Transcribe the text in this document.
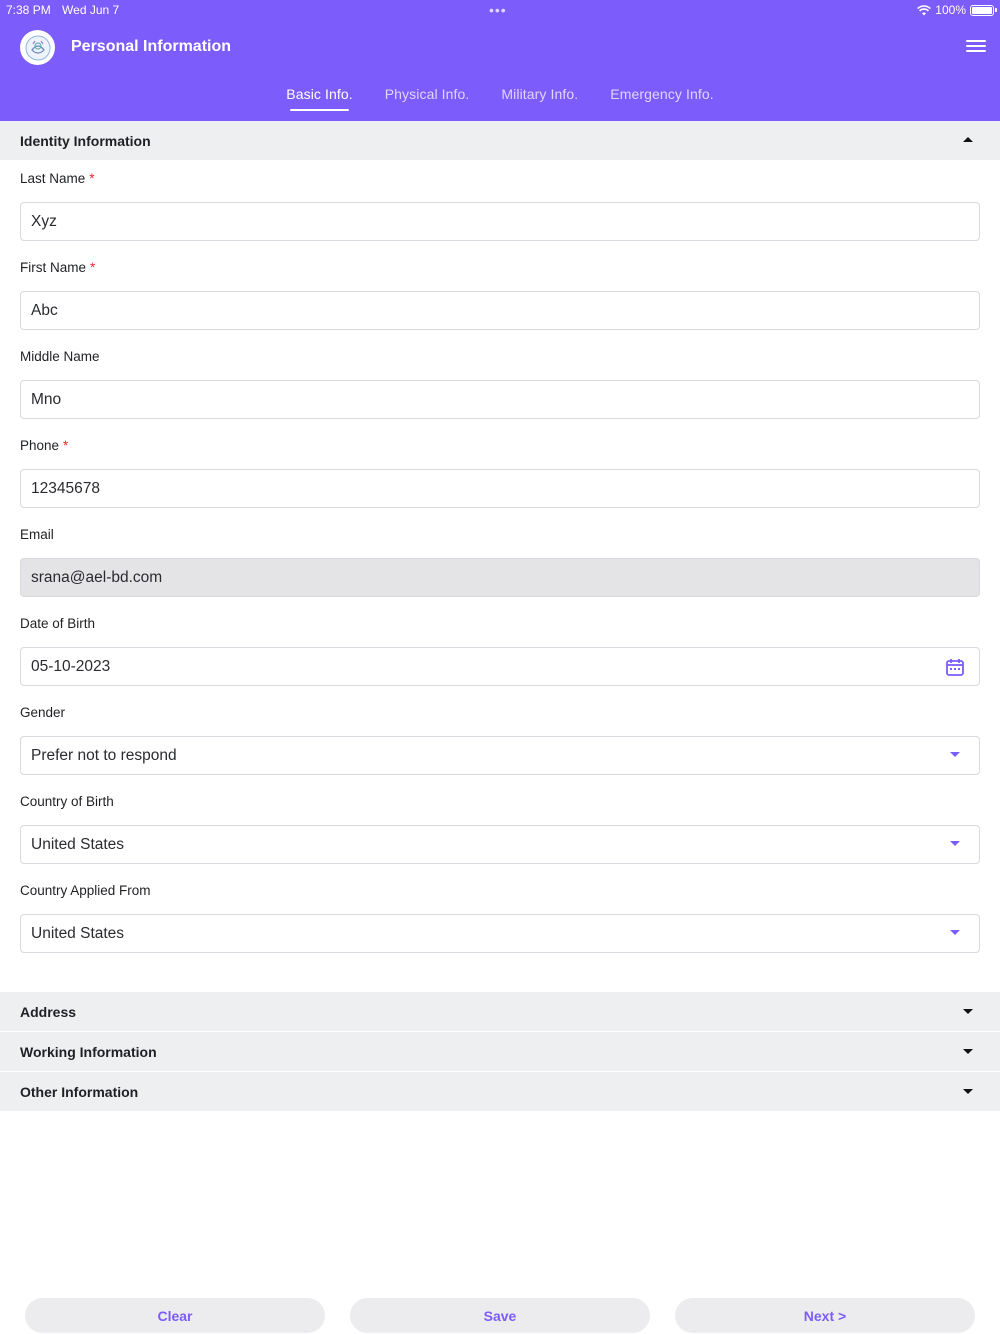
7:38 PM Wed Jun 7	•••	100%
Personal Information
Basic Info. Physical Info. Military Info. Emergency Info.
Identity Information
Last Name *
Xyz
First Name *
Abc
Middle Name
Mno
Phone *
12345678
Email
srana@ael-bd.com
Date of Birth
05-10-2023
Gender
Prefer not to respond
Country of Birth
United States
Country Applied From
United States
Address
Working Information
Other Information
Clear	Save	Next >
